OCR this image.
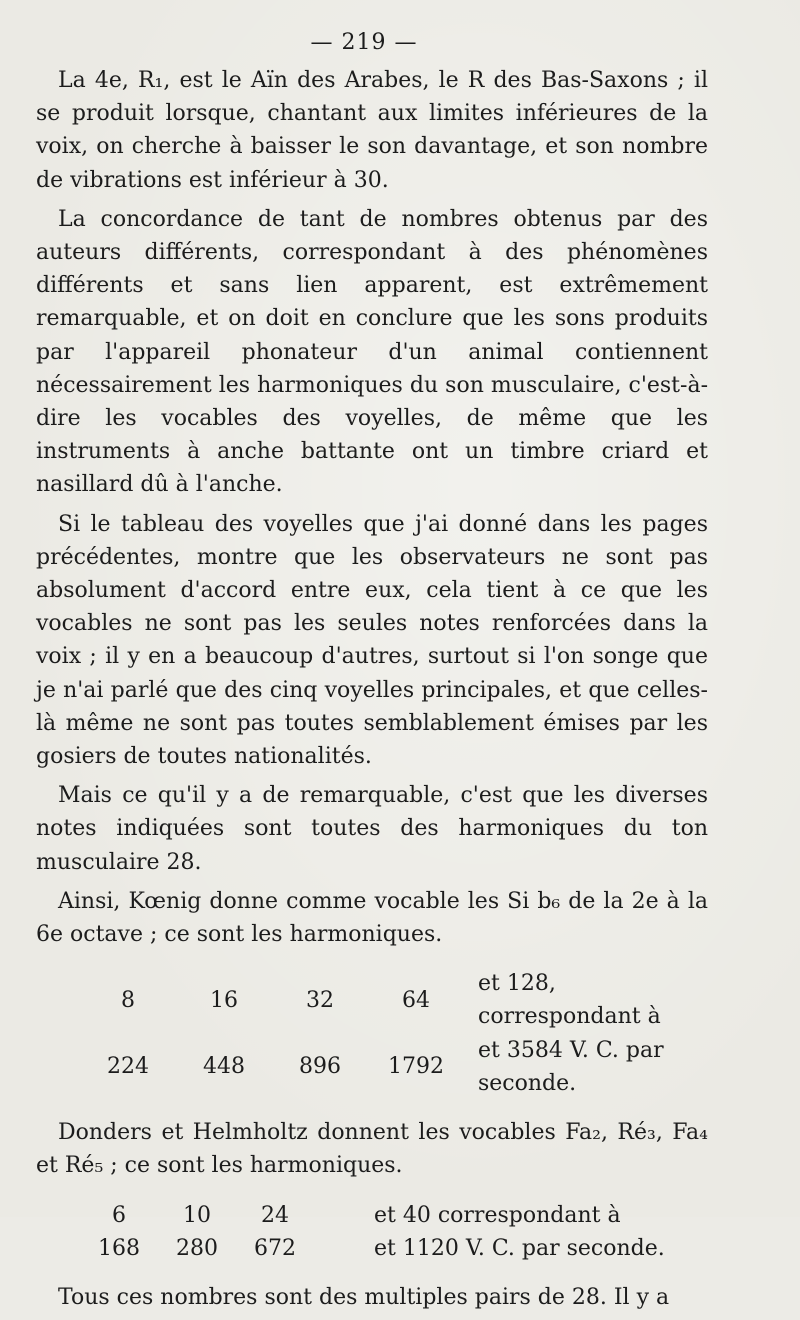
— 219 —

La 4e, R₁, est le Aïn des Arabes, le R des Bas-Saxons ; il se produit lorsque, chantant aux limites inférieures de la voix, on cherche à baisser le son davantage, et son nombre de vibrations est inférieur à 30.

La concordance de tant de nombres obtenus par des auteurs différents, correspondant à des phénomènes différents et sans lien apparent, est extrêmement remarquable, et on doit en conclure que les sons produits par l'appareil phonateur d'un animal contiennent nécessairement les harmoniques du son musculaire, c'est-à-dire les vocables des voyelles, de même que les instruments à anche battante ont un timbre criard et nasillard dû à l'anche.

Si le tableau des voyelles que j'ai donné dans les pages précédentes, montre que les observateurs ne sont pas absolument d'accord entre eux, cela tient à ce que les vocables ne sont pas les seules notes renforcées dans la voix ; il y en a beaucoup d'autres, surtout si l'on songe que je n'ai parlé que des cinq voyelles principales, et que celles-là même ne sont pas toutes semblablement émises par les gosiers de toutes nationalités.

Mais ce qu'il y a de remarquable, c'est que les diverses notes indiquées sont toutes des harmoniques du ton musculaire 28.

Ainsi, Kœnig donne comme vocable les Si b₆ de la 2e à la 6e octave ; ce sont les harmoniques.

8	16	32	64	et 128, correspondant à
224	448	896	1792	et 3584 V. C. par seconde.

Donders et Helmholtz donnent les vocables Fa₂, Ré₃, Fa₄ et Ré₅ ; ce sont les harmoniques.

6	10	24	et 40 correspondant à
168	280	672	et 1120 V. C. par seconde.

Tous ces nombres sont des multiples pairs de 28. Il y a
